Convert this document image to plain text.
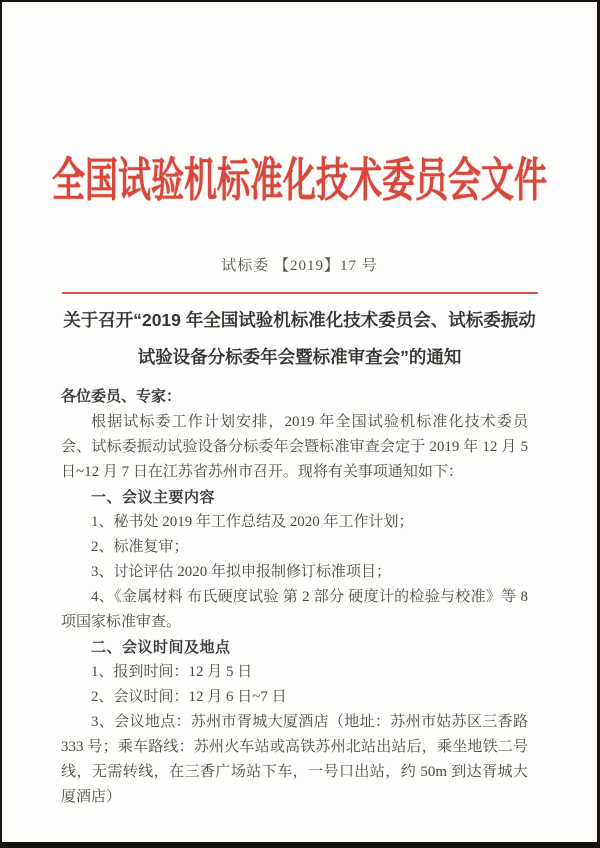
全国试验机标准化技术委员会文件
试标委 【2019】17 号
关于召开“2019 年全国试验机标准化技术委员会、试标委振动
试验设备分标委年会暨标准审查会”的通知

各位委员、专家：

根据试标委工作计划安排，2019 年全国试验机标准化技术委员会、试标委振动试验设备分标委年会暨标准审查会定于 2019 年 12 月 5 日~12 月 7 日在江苏省苏州市召开。现将有关事项通知如下：

一、会议主要内容

1、秘书处 2019 年工作总结及 2020 年工作计划；

2、标准复审；

3、讨论评估 2020 年拟申报制修订标准项目；

4、《金属材料 布氏硬度试验 第 2 部分 硬度计的检验与校准》等 8 项国家标准审查。

二、会议时间及地点

1、报到时间：12 月 5 日

2、会议时间：12 月 6 日~7 日

3、会议地点：苏州市胥城大厦酒店（地址：苏州市姑苏区三香路 333 号；乘车路线：苏州火车站或高铁苏州北站出站后，乘坐地铁二号线，无需转线，在三香广场站下车，一号口出站，约 50m 到达胥城大厦酒店）
